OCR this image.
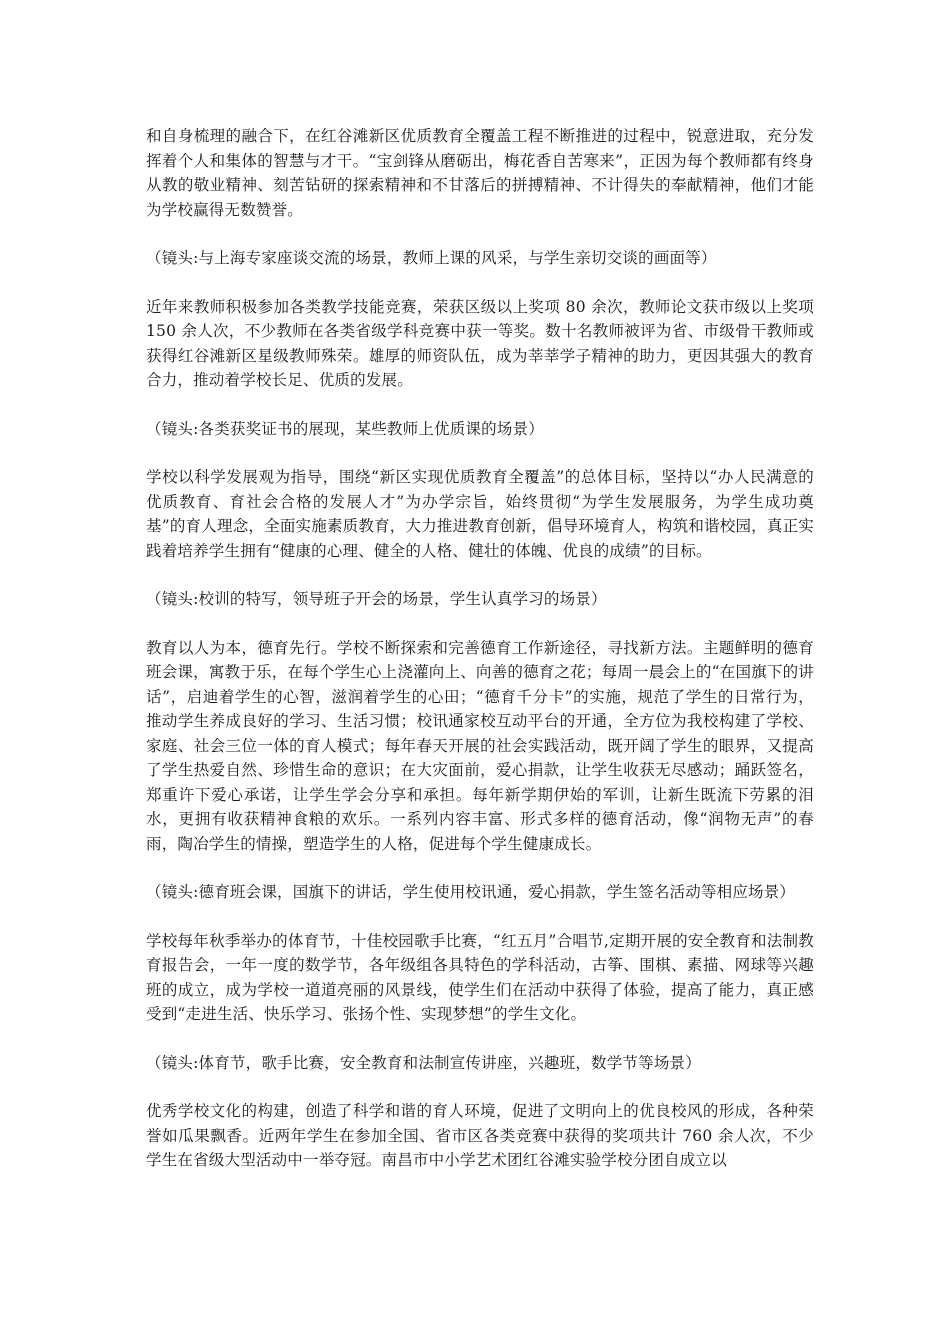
和自身梳理的融合下，在红谷滩新区优质教育全覆盖工程不断推进的过程中，锐意进取，充分发挥着个人和集体的智慧与才干。“宝剑锋从磨砺出，梅花香自苦寒来”，正因为每个教师都有终身从教的敬业精神、刻苦钻研的探索精神和不甘落后的拼搏精神、不计得失的奉献精神，他们才能为学校赢得无数赞誉。

（镜头:与上海专家座谈交流的场景，教师上课的风采，与学生亲切交谈的画面等）

近年来教师积极参加各类教学技能竞赛，荣获区级以上奖项 80 余次，教师论文获市级以上奖项 150 余人次，不少教师在各类省级学科竞赛中获一等奖。数十名教师被评为省、市级骨干教师或获得红谷滩新区星级教师殊荣。雄厚的师资队伍，成为莘莘学子精神的助力，更因其强大的教育合力，推动着学校长足、优质的发展。

（镜头:各类获奖证书的展现，某些教师上优质课的场景）

学校以科学发展观为指导，围绕“新区实现优质教育全覆盖”的总体目标，坚持以“办人民满意的优质教育、育社会合格的发展人才”为办学宗旨，始终贯彻“为学生发展服务，为学生成功奠基”的育人理念，全面实施素质教育，大力推进教育创新，倡导环境育人，构筑和谐校园，真正实践着培养学生拥有“健康的心理、健全的人格、健壮的体魄、优良的成绩”的目标。

（镜头:校训的特写，领导班子开会的场景，学生认真学习的场景）

教育以人为本，德育先行。学校不断探索和完善德育工作新途径，寻找新方法。主题鲜明的德育班会课，寓教于乐，在每个学生心上浇灌向上、向善的德育之花；每周一晨会上的“在国旗下的讲话”，启迪着学生的心智，滋润着学生的心田；“德育千分卡”的实施，规范了学生的日常行为，推动学生养成良好的学习、生活习惯；校讯通家校互动平台的开通，全方位为我校构建了学校、家庭、社会三位一体的育人模式；每年春天开展的社会实践活动，既开阔了学生的眼界，又提高了学生热爱自然、珍惜生命的意识；在大灾面前，爱心捐款，让学生收获无尽感动；踊跃签名，郑重许下爱心承诺，让学生学会分享和承担。每年新学期伊始的军训，让新生既流下劳累的泪水，更拥有收获精神食粮的欢乐。一系列内容丰富、形式多样的德育活动，像“润物无声”的春雨，陶冶学生的情操，塑造学生的人格，促进每个学生健康成长。

（镜头:德育班会课，国旗下的讲话，学生使用校讯通，爱心捐款，学生签名活动等相应场景）

学校每年秋季举办的体育节，十佳校园歌手比赛，“红五月”合唱节,定期开展的安全教育和法制教育报告会，一年一度的数学节，各年级组各具特色的学科活动，古筝、围棋、素描、网球等兴趣班的成立，成为学校一道道亮丽的风景线，使学生们在活动中获得了体验，提高了能力，真正感受到“走进生活、快乐学习、张扬个性、实现梦想”的学生文化。

（镜头:体育节，歌手比赛，安全教育和法制宣传讲座，兴趣班，数学节等场景）

优秀学校文化的构建，创造了科学和谐的育人环境，促进了文明向上的优良校风的形成，各种荣誉如瓜果飘香。近两年学生在参加全国、省市区各类竞赛中获得的奖项共计 760 余人次，不少学生在省级大型活动中一举夺冠。南昌市中小学艺术团红谷滩实验学校分团自成立以
